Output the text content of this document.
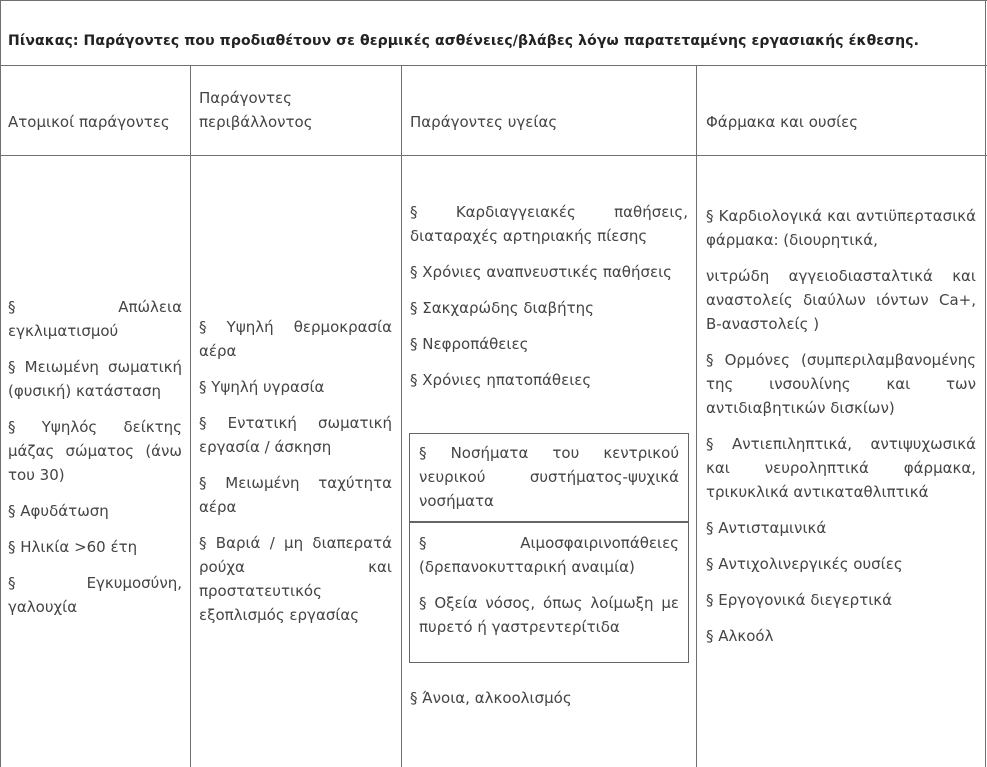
Πίνακας: Παράγοντες που προδιαθέτουν σε θερμικές ασθένειες/βλάβες λόγω παρατεταμένης εργασιακής έκθεσης.
Ατομικοί παράγοντες
Παράγοντες περιβάλλοντος	Παράγοντες υγείας	Φάρμακα και ουσίες
§ Απώλεια εγκλιματισμού
§ Μειωμένη σωματική (φυσική) κατάσταση
§ Υψηλός δείκτης μάζας σώματος (άνω του 30)
§ Αφυδάτωση
§ Ηλικία >60 έτη
§ Εγκυμοσύνη, γαλουχία
§ Υψηλή θερμοκρασία αέρα
§ Υψηλή υγρασία
§ Εντατική σωματική εργασία / άσκηση
§ Μειωμένη ταχύτητα αέρα
§ Βαριά / μη διαπερατά ρούχα και προστατευτικός εξοπλισμός εργασίας
§ Καρδιαγγειακές παθήσεις, διαταραχές αρτηριακής πίεσης
§ Χρόνιες αναπνευστικές παθήσεις
§ Σακχαρώδης διαβήτης
§ Νεφροπάθειες
§ Χρόνιες ηπατοπάθειες
§ Νοσήματα του κεντρικού νευρικού συστήματος-ψυχικά νοσήματα
§ Αιμοσφαιρινοπάθειες (δρεπανοκυτταρική αναιμία)
§ Οξεία νόσος, όπως λοίμωξη με πυρετό ή γαστρεντερίτιδα
§ Άνοια, αλκοολισμός
§ Καρδιολογικά και αντιϋπερτασικά φάρμακα: (διουρητικά,
νιτρώδη αγγειοδιασταλτικά και αναστολείς διαύλων ιόντων Ca+, B-αναστολείς )
§ Ορμόνες (συμπεριλαμβανομένης της ινσουλίνης και των αντιδιαβητικών δισκίων)
§ Αντιεπιληπτικά, αντιψυχωσικά και νευροληπτικά φάρμακα, τρικυκλικά αντικαταθλιπτικά
§ Αντισταμινικά
§ Αντιχολινεργικές ουσίες
§ Εργογονικά διεγερτικά
§ Αλκοόλ
